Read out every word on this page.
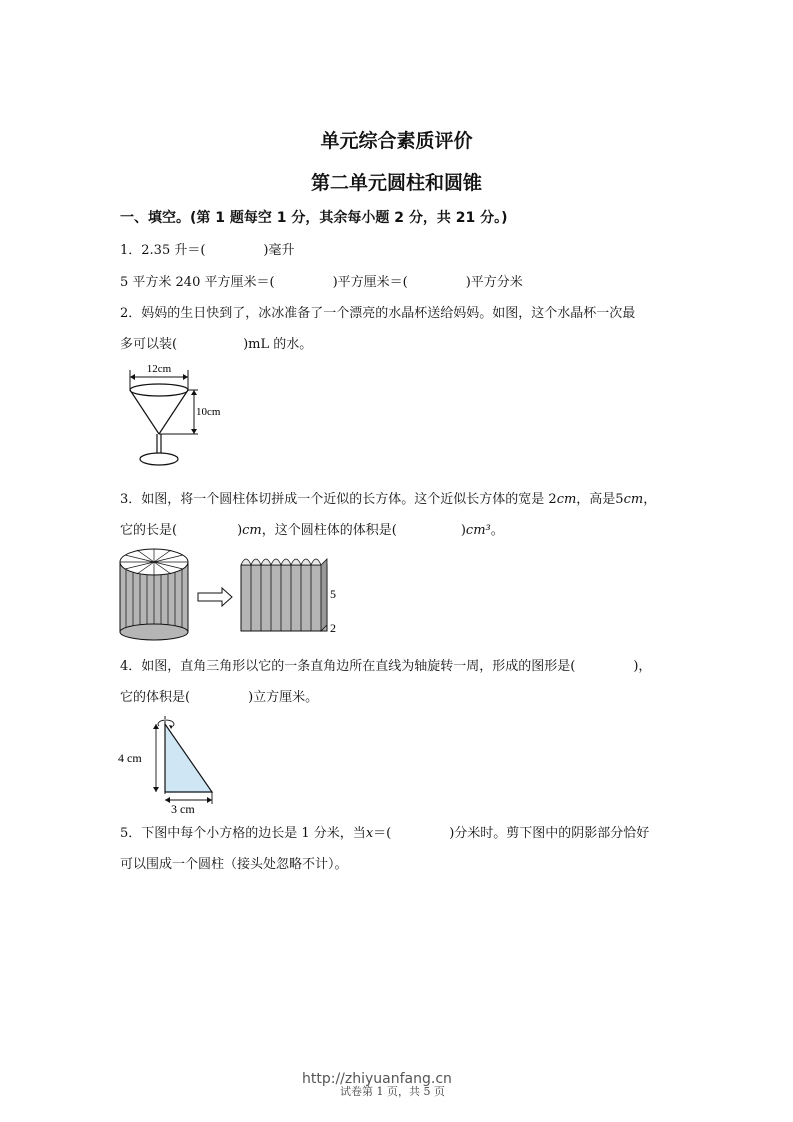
单元综合素质评价
第二单元圆柱和圆锥
一、填空。(第 1 题每空 1 分，其余每小题 2 分，共 21 分。)
1．2.35 升＝(	)毫升
5 平方米 240 平方厘米＝(	)平方厘米＝(	)平方分米
2．妈妈的生日快到了，冰冰准备了一个漂亮的水晶杯送给妈妈。如图，这个水晶杯一次最
多可以装(	)mL 的水。
12cm
10cm
3．如图，将一个圆柱体切拼成一个近似的长方体。这个近似长方体的宽是 2cm，高是5cm，
它的长是(	)cm，这个圆柱体的体积是(	)cm³。
5
2
4．如图，直角三角形以它的一条直角边所在直线为轴旋转一周，形成的图形是(	)，
它的体积是(	)立方厘米。
4 cm
3 cm
5．下图中每个小方格的边长是 1 分米，当x＝(	)分米时。剪下图中的阴影部分恰好
可以围成一个圆柱（接头处忽略不计）。
试卷第 1 页，共 5 页
http://zhiyuanfang.cn
